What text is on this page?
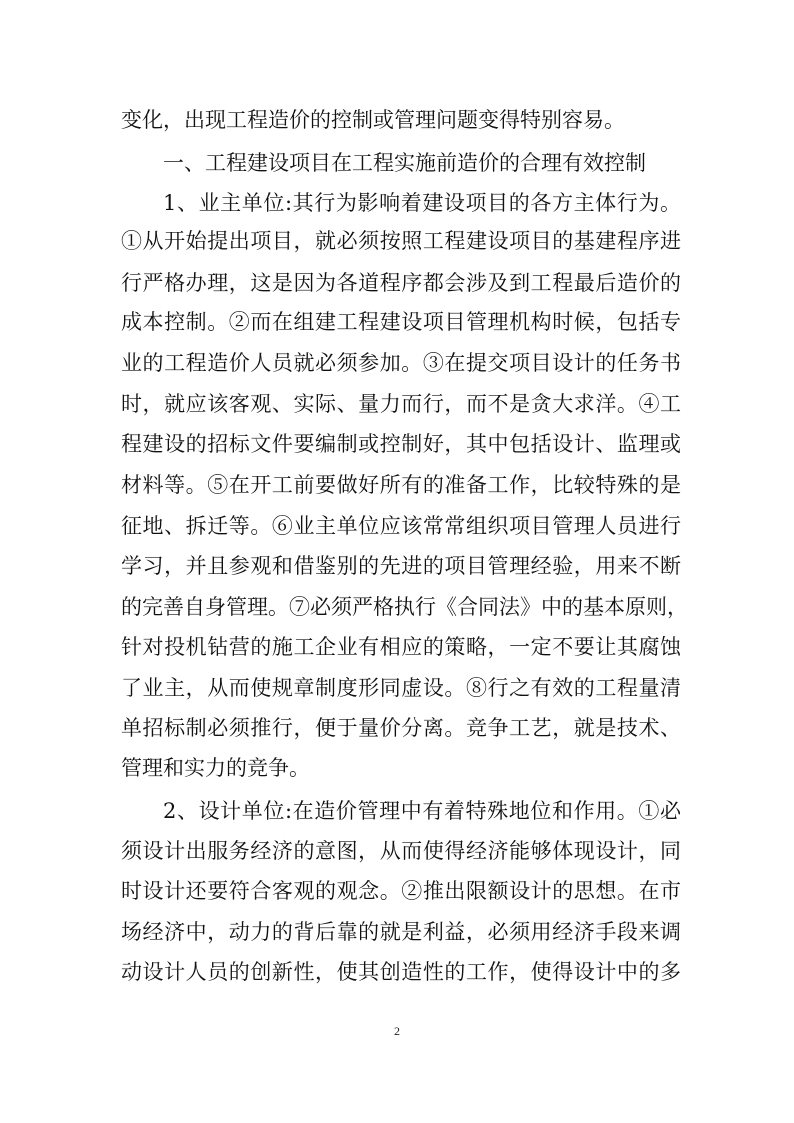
变化，出现工程造价的控制或管理问题变得特别容易。
一、工程建设项目在工程实施前造价的合理有效控制
1、业主单位:其行为影响着建设项目的各方主体行为。
①从开始提出项目，就必须按照工程建设项目的基建程序进
行严格办理，这是因为各道程序都会涉及到工程最后造价的
成本控制。②而在组建工程建设项目管理机构时候，包括专
业的工程造价人员就必须参加。③在提交项目设计的任务书
时，就应该客观、实际、量力而行，而不是贪大求洋。④工
程建设的招标文件要编制或控制好，其中包括设计、监理或
材料等。⑤在开工前要做好所有的准备工作，比较特殊的是
征地、拆迁等。⑥业主单位应该常常组织项目管理人员进行
学习，并且参观和借鉴别的先进的项目管理经验，用来不断
的完善自身管理。⑦必须严格执行《合同法》中的基本原则，
针对投机钻营的施工企业有相应的策略，一定不要让其腐蚀
了业主，从而使规章制度形同虚设。⑧行之有效的工程量清
单招标制必须推行，便于量价分离。竞争工艺，就是技术、
管理和实力的竞争。
2、设计单位:在造价管理中有着特殊地位和作用。①必
须设计出服务经济的意图，从而使得经济能够体现设计，同
时设计还要符合客观的观念。②推出限额设计的思想。在市
场经济中，动力的背后靠的就是利益，必须用经济手段来调
动设计人员的创新性，使其创造性的工作，使得设计中的多
2
